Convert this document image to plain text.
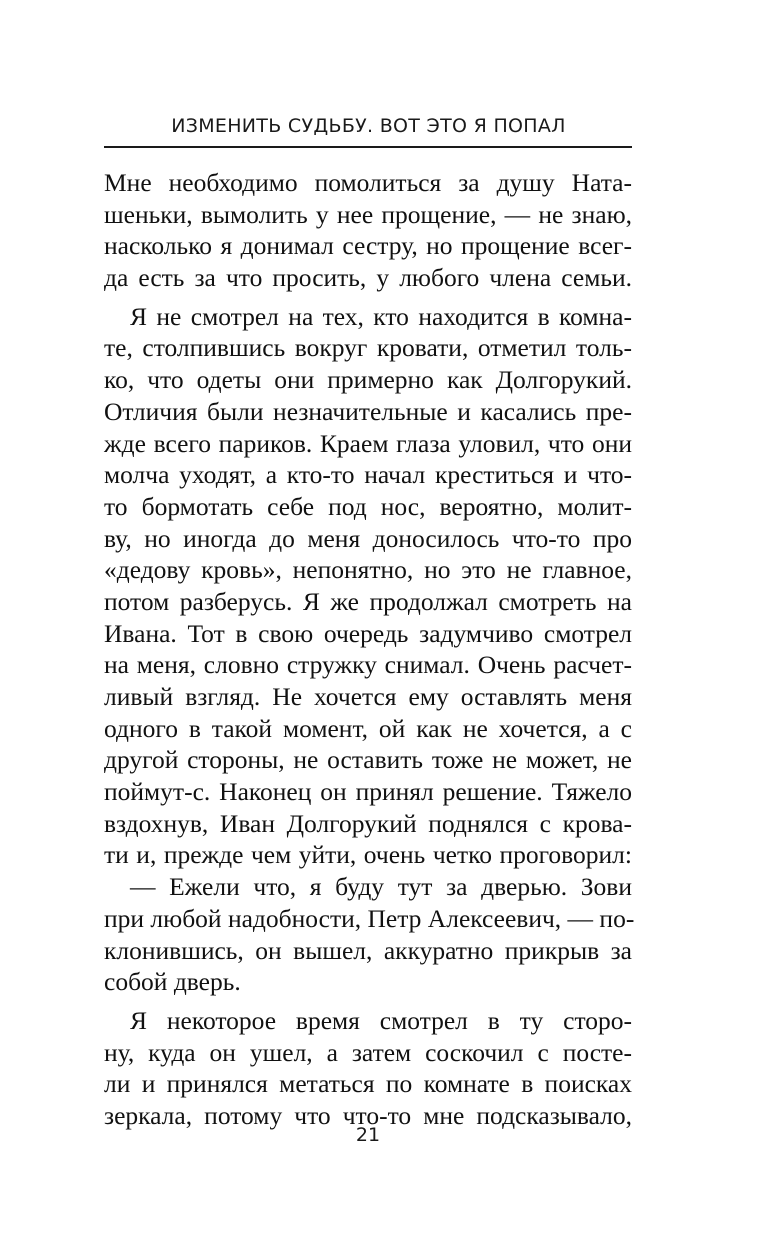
ИЗМЕНИТЬ СУДЬБУ. ВОТ ЭТО Я ПОПАЛ
Мне необходимо помолиться за душу Ната-
шеньки, вымолить у нее прощение, — не знаю,
насколько я донимал сестру, но прощение всег-
да есть за что просить, у любого члена семьи.
Я не смотрел на тех, кто находится в комна-
те, столпившись вокруг кровати, отметил толь-
ко, что одеты они примерно как Долгорукий.
Отличия были незначительные и касались пре-
жде всего париков. Краем глаза уловил, что они
молча уходят, а кто-то начал креститься и что-
то бормотать себе под нос, вероятно, молит-
ву, но иногда до меня доносилось что-то про
«дедову кровь», непонятно, но это не главное,
потом разберусь. Я же продолжал смотреть на
Ивана. Тот в свою очередь задумчиво смотрел
на меня, словно стружку снимал. Очень расчет-
ливый взгляд. Не хочется ему оставлять меня
одного в такой момент, ой как не хочется, а с
другой стороны, не оставить тоже не может, не
поймут-с. Наконец он принял решение. Тяжело
вздохнув, Иван Долгорукий поднялся с крова-
ти и, прежде чем уйти, очень четко проговорил:
— Ежели что, я буду тут за дверью. Зови
при любой надобности, Петр Алексеевич, — по-
клонившись, он вышел, аккуратно прикрыв за
собой дверь.
Я некоторое время смотрел в ту сторо-
ну, куда он ушел, а затем соскочил с посте-
ли и принялся метаться по комнате в поисках
зеркала, потому что что-то мне подсказывало,
21
